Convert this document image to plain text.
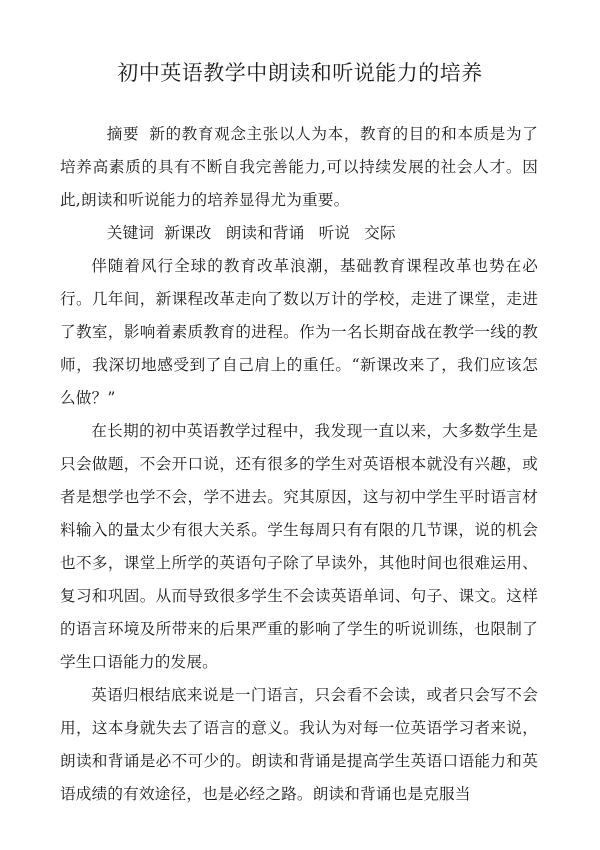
初中英语教学中朗读和听说能力的培养

摘要 新的教育观念主张以人为本，教育的目的和本质是为了培养高素质的具有不断自我完善能力,可以持续发展的社会人才。因此,朗读和听说能力的培养显得尤为重要。

关键词 新课改 朗读和背诵 听说 交际

伴随着风行全球的教育改革浪潮，基础教育课程改革也势在必行。几年间，新课程改革走向了数以万计的学校，走进了课堂，走进了教室，影响着素质教育的进程。作为一名长期奋战在教学一线的教师，我深切地感受到了自己肩上的重任。“新课改来了，我们应该怎么做？”

在长期的初中英语教学过程中，我发现一直以来，大多数学生是只会做题，不会开口说，还有很多的学生对英语根本就没有兴趣，或者是想学也学不会，学不进去。究其原因，这与初中学生平时语言材料输入的量太少有很大关系。学生每周只有有限的几节课，说的机会也不多，课堂上所学的英语句子除了早读外，其他时间也很难运用、复习和巩固。从而导致很多学生不会读英语单词、句子、课文。这样的语言环境及所带来的后果严重的影响了学生的听说训练，也限制了学生口语能力的发展。

英语归根结底来说是一门语言，只会看不会读，或者只会写不会用，这本身就失去了语言的意义。我认为对每一位英语学习者来说，朗读和背诵是必不可少的。朗读和背诵是提高学生英语口语能力和英语成绩的有效途径，也是必经之路。朗读和背诵也是克服当
